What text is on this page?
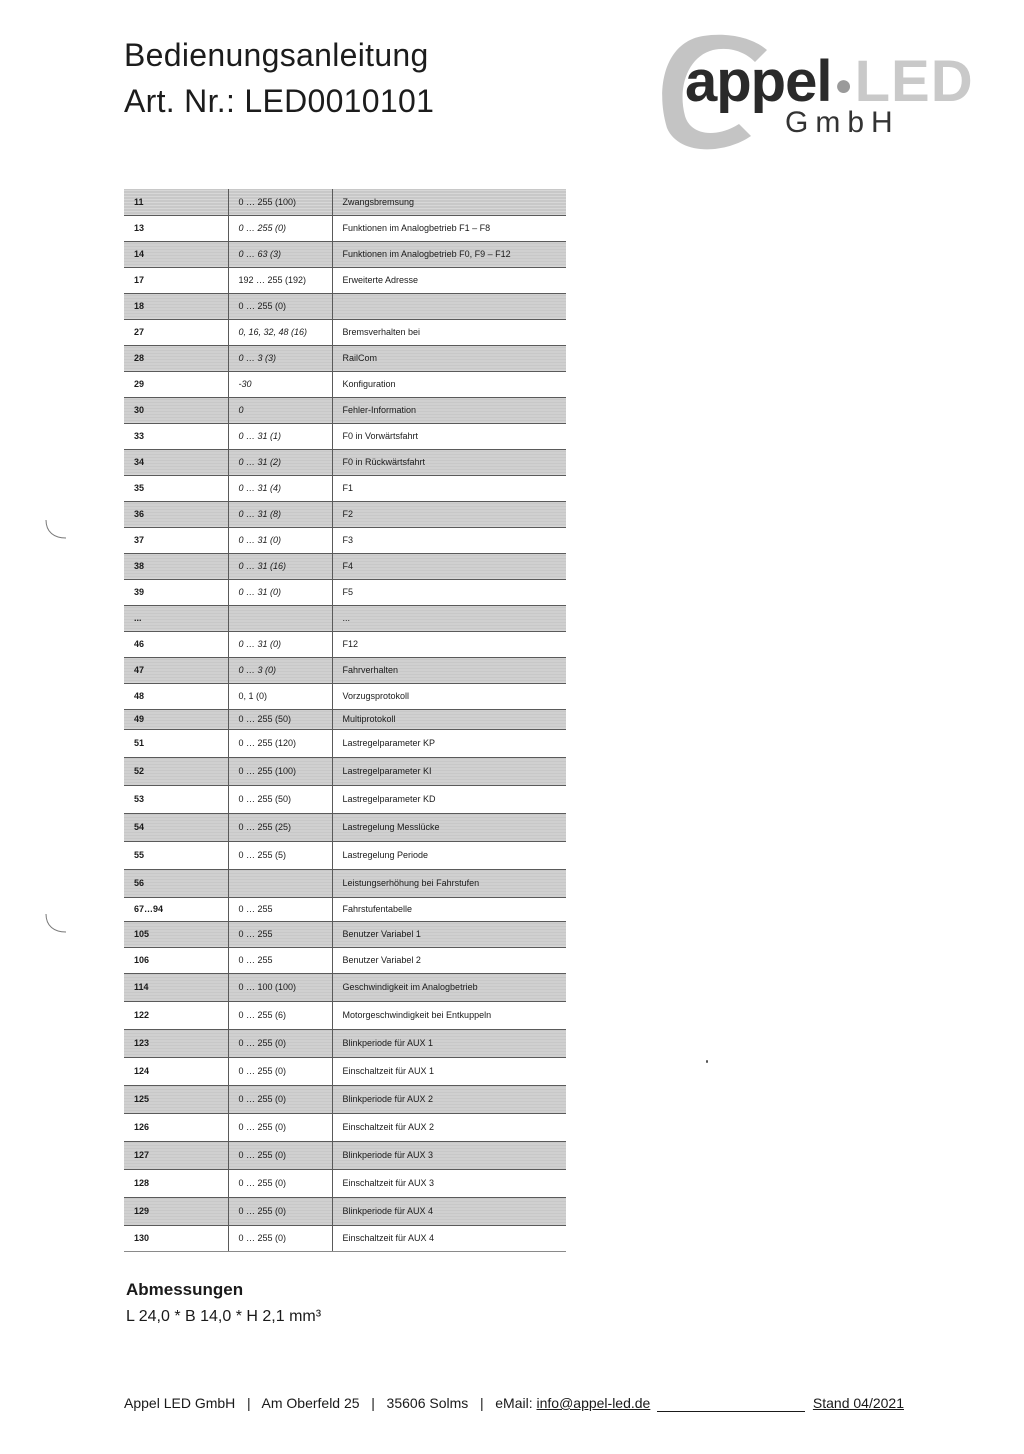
Bedienungsanleitung
Art. Nr.: LED0010101	appel ●LED
GmbH
11	0 … 255 (100)	Zwangsbremsung
13	0 … 255 (0)	Funktionen im Analogbetrieb F1 – F8
14	0 … 63 (3)	Funktionen im Analogbetrieb F0, F9 – F12
17	192 … 255 (192)	Erweiterte Adresse
18	0 … 255 (0)	
27	0, 16, 32, 48 (16)	Bremsverhalten bei
28	0 … 3 (3)	RailCom
29	-30	Konfiguration
30	0	Fehler-Information
33	0 … 31 (1)	F0 in Vorwärtsfahrt
34	0 … 31 (2)	F0 in Rückwärtsfahrt
35	0 … 31 (4)	F1
36	0 … 31 (8)	F2
37	0 … 31 (0)	F3
38	0 … 31 (16)	F4
39	0 … 31 (0)	F5
...		...
46	0 … 31 (0)	F12
47	0 … 3 (0)	Fahrverhalten
48	0, 1 (0)	Vorzugsprotokoll
49	0 … 255 (50)	Multiprotokoll
51	0 … 255 (120)	Lastregelparameter KP
52	0 … 255 (100)	Lastregelparameter KI
53	0 … 255 (50)	Lastregelparameter KD
54	0 … 255 (25)	Lastregelung Messlücke
55	0 … 255 (5)	Lastregelung Periode
56		Leistungserhöhung bei Fahrstufen
67…94	0 … 255	Fahrstufentabelle
105	0 … 255	Benutzer Variabel 1
106	0 … 255	Benutzer Variabel 2
114	0 … 100 (100)	Geschwindigkeit im Analogbetrieb
122	0 … 255 (6)	Motorgeschwindigkeit bei Entkuppeln
123	0 … 255 (0)	Blinkperiode für AUX 1
124	0 … 255 (0)	Einschaltzeit für AUX 1
125	0 … 255 (0)	Blinkperiode für AUX 2
126	0 … 255 (0)	Einschaltzeit für AUX 2
127	0 … 255 (0)	Blinkperiode für AUX 3
128	0 … 255 (0)	Einschaltzeit für AUX 3
129	0 … 255 (0)	Blinkperiode für AUX 4
130	0 … 255 (0)	Einschaltzeit für AUX 4
Abmessungen
L 24,0 * B 14,0 * H 2,1 mm³
Appel LED GmbH | Am Oberfeld 25 | 35606 Solms | eMail: info@appel-led.de	Stand 04/2021
